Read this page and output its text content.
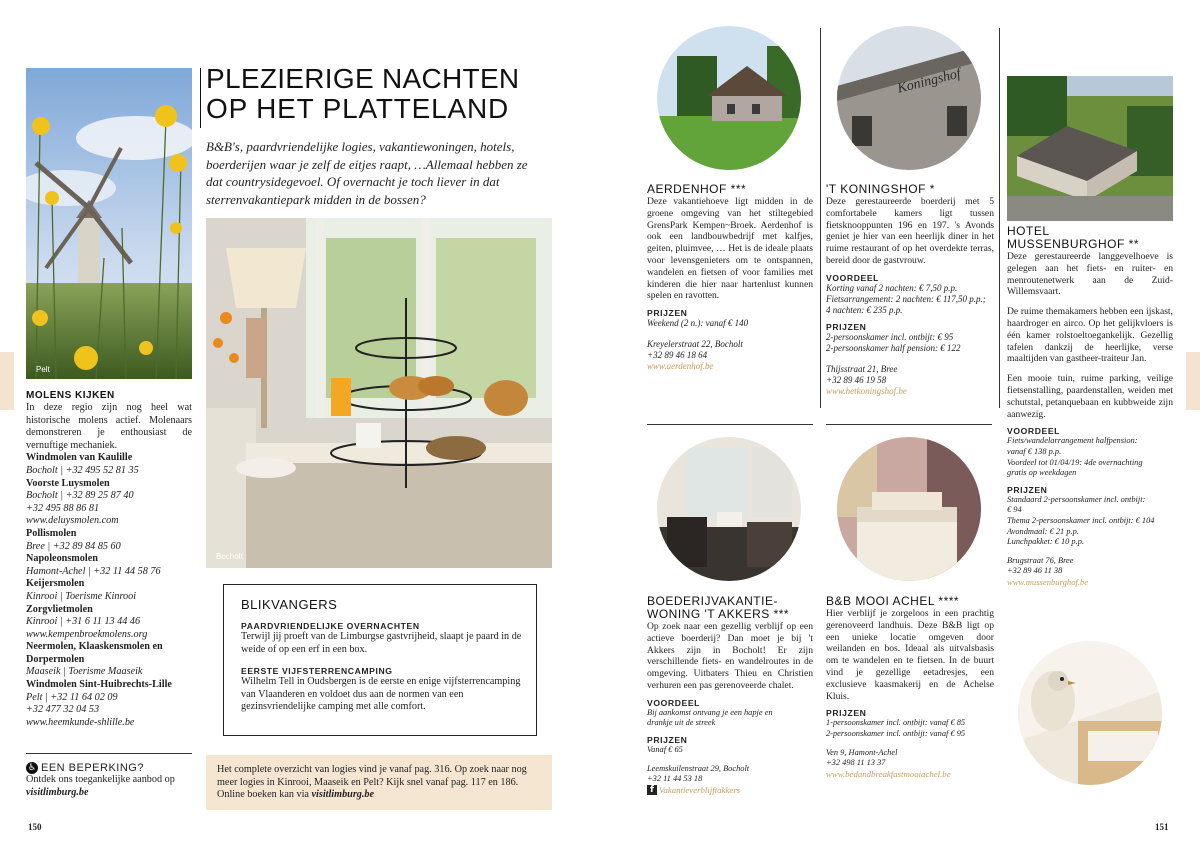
Pelt
MOLENS KIJKEN

In deze regio zijn nog heel wat historische molens actief. Molenaars demonstreren je enthousiast de vernuftige mechaniek.

Windmolen van Kaulille
Bocholt | +32 495 52 81 35
Voorste Luysmolen
Bocholt | +32 89 25 87 40
+32 495 88 86 81
www.deluysmolen.com
Pollismolen
Bree | +32 89 84 85 60
Napoleonsmolen
Hamont-Achel | +32 11 44 58 76
Keijersmolen
Kinrooi | Toerisme Kinrooi
Zorgvlietmolen
Kinrooi | +31 6 11 13 44 46
www.kempenbroekmolens.org
Neermolen, Klaaskensmolen en Dorpermolen
Maaseik | Toerisme Maaseik
Windmolen Sint-Huibrechts-Lille
Pelt | +32 11 64 02 09
+32 477 32 04 53
www.heemkunde-shlille.be
♿ EEN BEPERKING?

Ontdek ons toegankelijke aanbod op visitlimburg.be

150
PLEZIERIGE NACHTEN
OP HET PLATTELAND

B&B's, paardvriendelijke logies, vakantiewoningen, hotels, boerderijen waar je zelf de eitjes raapt, …Allemaal hebben ze dat countrysidegevoel. Of overnacht je toch liever in dat sterrenvakantiepark midden in de bossen?

Bocholt
BLIKVANGERS
PAARDVRIENDELIJKE OVERNACHTEN

Terwijl jij proeft van de Limburgse gastvrijheid, slaapt je paard in de weide of op een erf in een box.

EERSTE VIJFSTERRENCAMPING

Wilhelm Tell in Oudsbergen is de eerste en enige vijfsterrencamping van Vlaanderen en voldoet dus aan de normen van een gezinsvriendelijke camping met alle comfort.

Het complete overzicht van logies vind je vanaf pag. 316. Op zoek naar nog meer logies in Kinrooi, Maaseik en Pelt? Kijk snel vanaf pag. 117 en 186. Online boeken kan via visitlimburg.be

Koningshof
AERDENHOF ***

Deze vakantiehoeve ligt midden in de groene omgeving van het stiltegebied GrensPark Kempen~Broek. Aerdenhof is ook een landbouwbedrijf met kalfjes, geiten, pluimvee, … Het is de ideale plaats voor levensgenieters om te ontspannen, wandelen en fietsen of voor families met kinderen die hier naar hartenlust kunnen spelen en ravotten.

PRIJZEN
Weekend (2 n.): vanaf € 140
Kreyelerstraat 22, Bocholt
+32 89 46 18 64
www.aerdenhof.be
'T KONINGSHOF *

Deze gerestaureerde boerderij met 5 comfortabele kamers ligt tussen fietsknooppunten 196 en 197. 's Avonds geniet je hier van een heerlijk diner in het ruime restaurant of op het overdekte terras, bereid door de gastvrouw.

VOORDEEL
Korting vanaf 2 nachten: € 7,50 p.p.
Fietsarrangement: 2 nachten: € 117,50 p.p.;
4 nachten: € 235 p.p.
PRIJZEN
2-persoonskamer incl. ontbijt: € 95
2-persoonskamer half pension: € 122
Thijsstraat 21, Bree
+32 89 46 19 58
www.hetkoningshof.be
HOTEL
MUSSENBURGHOF **

Deze gerestaureerde langgevelhoeve is gelegen aan het fiets- en ruiter- en menroutenetwerk aan de Zuid-Willemsvaart.

De ruime themakamers hebben een ijskast, haardroger en airco. Op het gelijkvloers is één kamer rolstoeltoegankelijk. Gezellig tafelen dankzij de heerlijke, verse maaltijden van gastheer-traiteur Jan.

Een mooie tuin, ruime parking, veilige fietsenstalling, paardenstallen, weiden met schutstal, petanquebaan en kubbweide zijn aanwezig.

VOORDEEL
Fiets/wandelarrangement halfpension:
vanaf € 138 p.p.
Voordeel tot 01/04/19: 4de overnachting
gratis op weekdagen
PRIJZEN
Standaard 2-persoonskamer incl. ontbijt:
€ 94
Thema 2-persoonskamer incl. ontbijt: € 104
Avondmaal: € 21 p.p.
Lunchpakket: € 10 p.p.
Brugstraat 76, Bree
+32 89 46 11 38
www.mussenburghof.be
BOEDERIJVAKANTIE-
WONING 'T AKKERS ***

Op zoek naar een gezellig verblijf op een actieve boerderij? Dan moet je bij 't Akkers zijn in Bocholt! Er zijn verschillende fiets- en wandelroutes in de omgeving. Uitbaters Thieu en Christien verhuren een pas gerenoveerde chalet.

VOORDEEL
Bij aankomst ontvang je een hapje en
drankje uit de streek
PRIJZEN
Vanaf € 65
Leemskuilenstraat 29, Bocholt
+32 11 44 53 18
f Vakantieverblijftakkers
B&B MOOI ACHEL ****

Hier verblijf je zorgeloos in een prachtig gerenoveerd landhuis. Deze B&B ligt op een unieke locatie omgeven door weilanden en bos. Ideaal als uitvalsbasis om te wandelen en te fietsen. In de buurt vind je gezellige eetadresjes, een exclusieve kaasmakerij en de Achelse Kluis.

PRIJZEN
1-persoonskamer incl. ontbijt: vanaf € 85
2-persoonskamer incl. ontbijt: vanaf € 95
Ven 9, Hamont-Achel
+32 498 11 13 37
www.bedandbreakfastmooiachel.be
151
